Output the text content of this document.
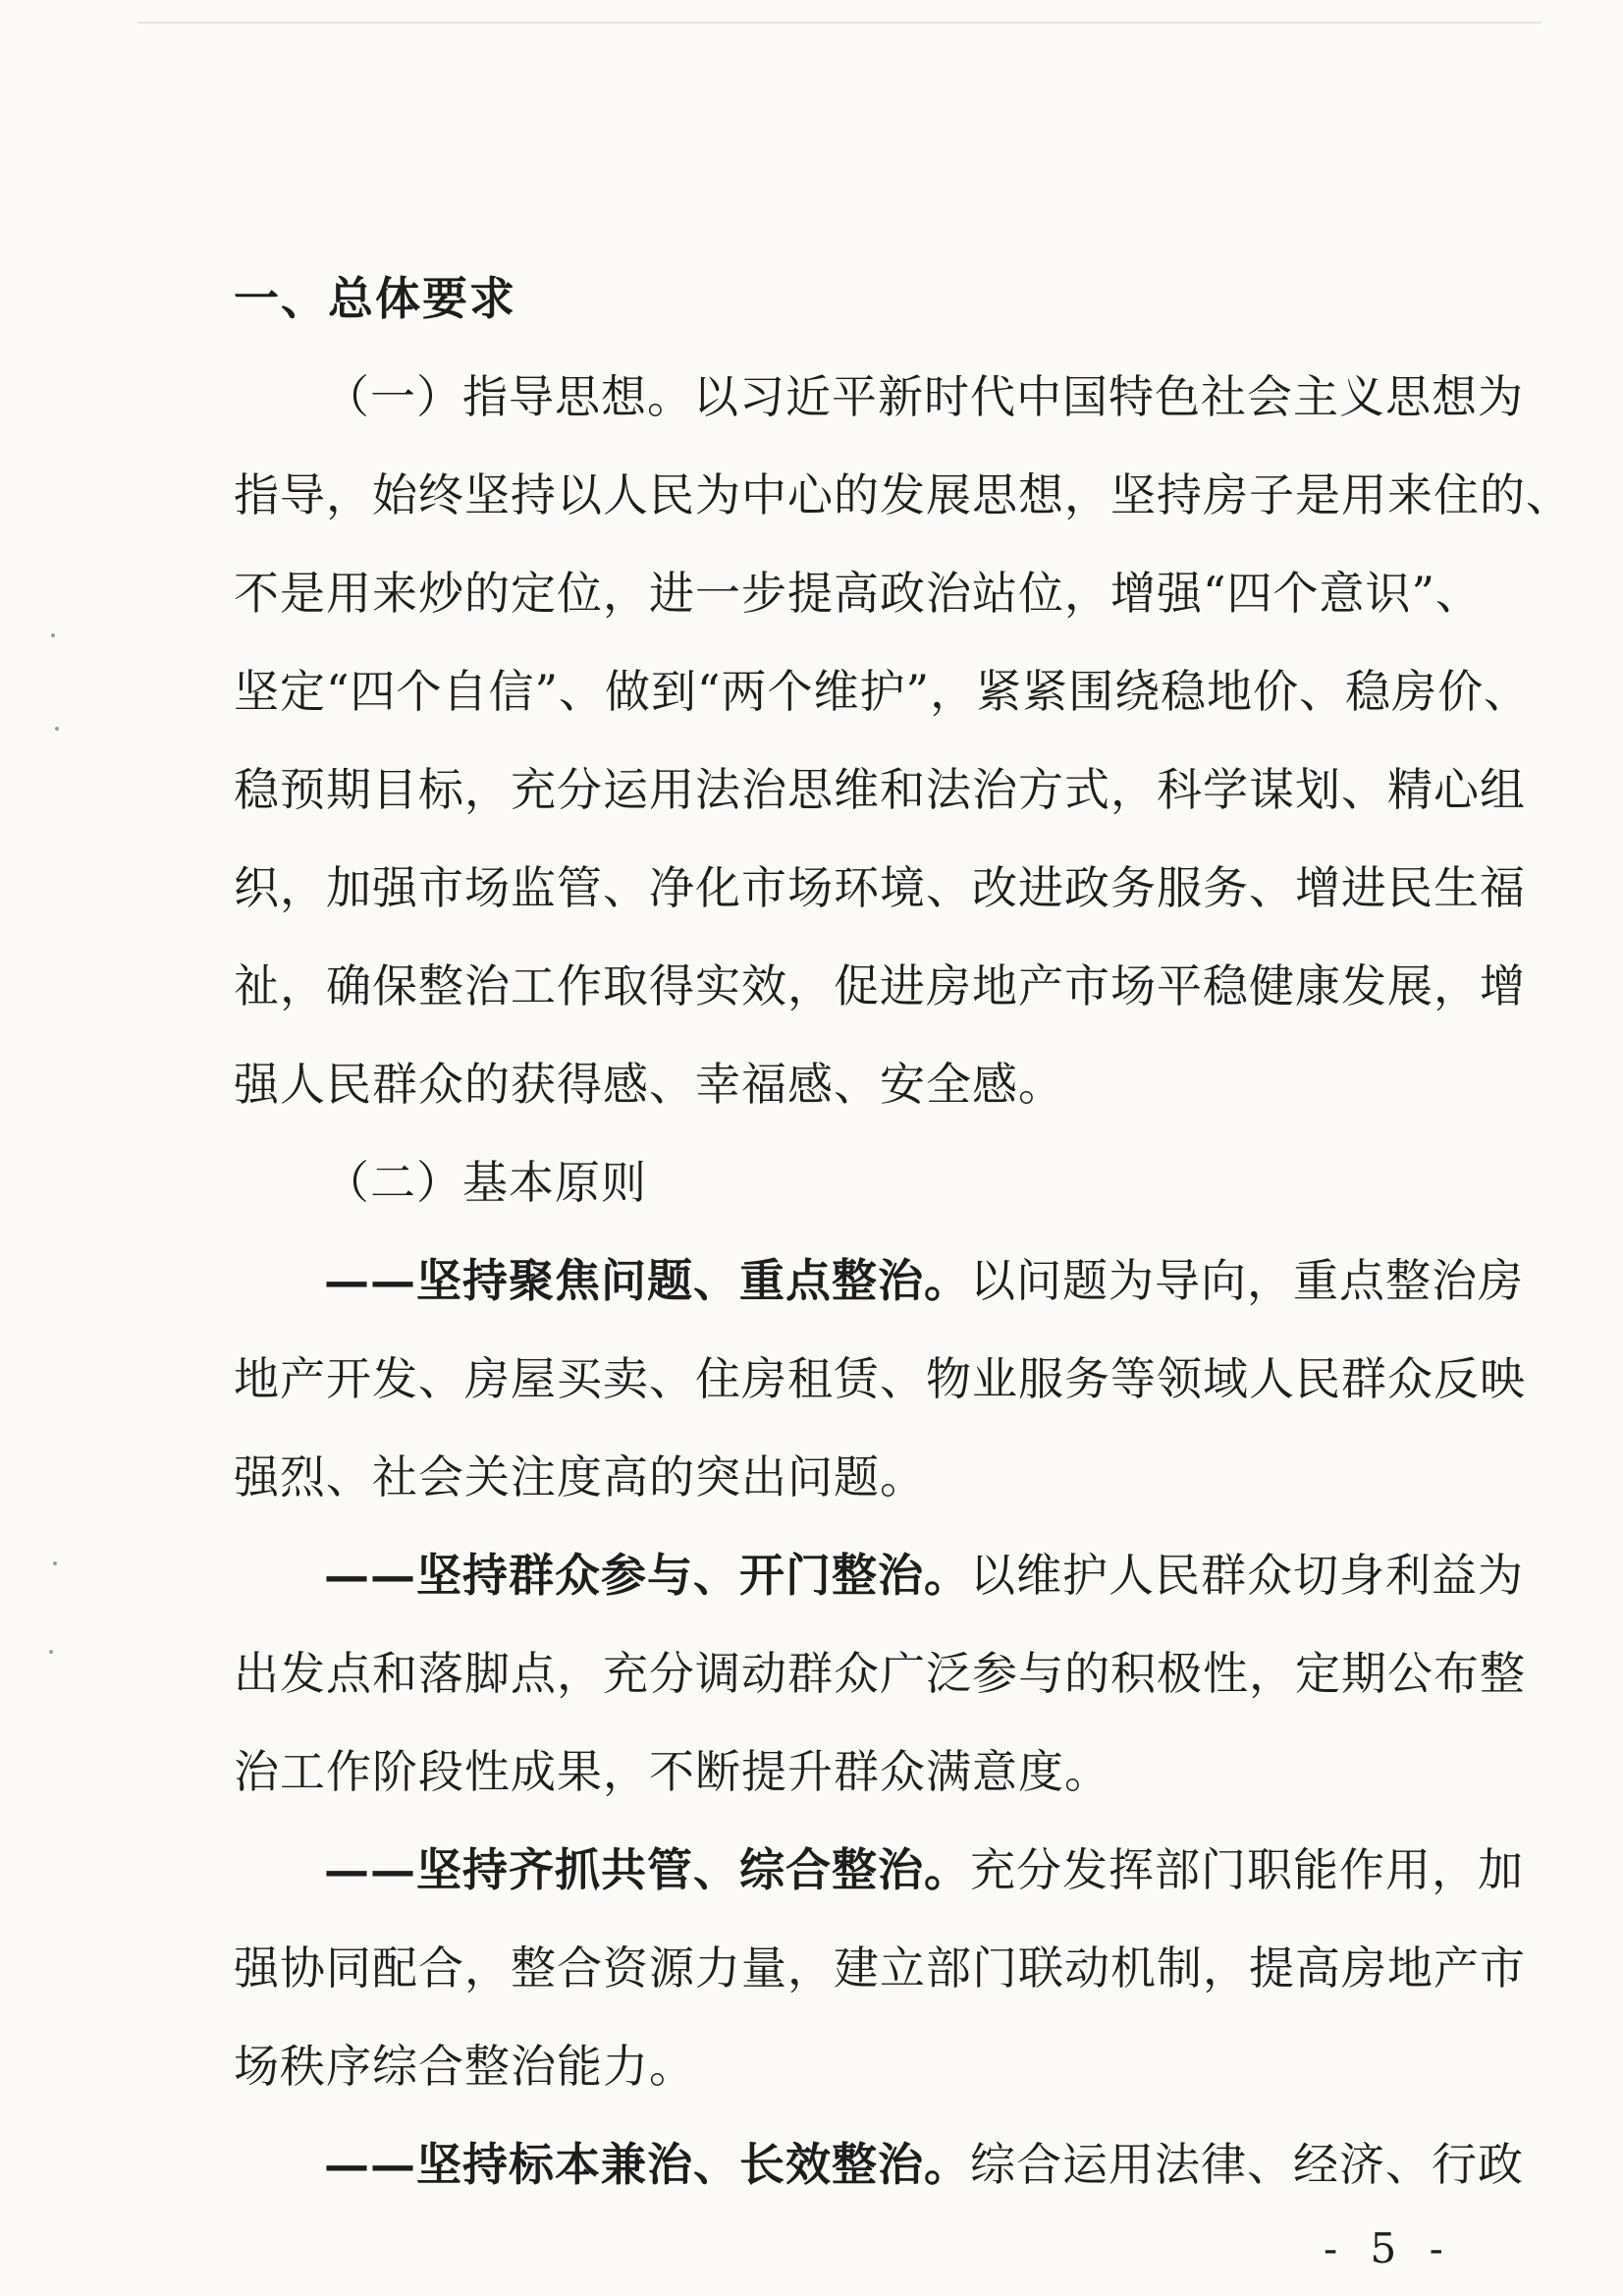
一、总体要求
（一）指导思想。以习近平新时代中国特色社会主义思想为
指导，始终坚持以人民为中心的发展思想，坚持房子是用来住的、
不是用来炒的定位，进一步提高政治站位，增强“四个意识”、
坚定“四个自信”、做到“两个维护”，紧紧围绕稳地价、稳房价、
稳预期目标，充分运用法治思维和法治方式，科学谋划、精心组
织，加强市场监管、净化市场环境、改进政务服务、增进民生福
祉，确保整治工作取得实效，促进房地产市场平稳健康发展，增
强人民群众的获得感、幸福感、安全感。
（二）基本原则
——坚持聚焦问题、重点整治。以问题为导向，重点整治房
地产开发、房屋买卖、住房租赁、物业服务等领域人民群众反映
强烈、社会关注度高的突出问题。
——坚持群众参与、开门整治。以维护人民群众切身利益为
出发点和落脚点，充分调动群众广泛参与的积极性，定期公布整
治工作阶段性成果，不断提升群众满意度。
——坚持齐抓共管、综合整治。充分发挥部门职能作用，加
强协同配合，整合资源力量，建立部门联动机制，提高房地产市
场秩序综合整治能力。
——坚持标本兼治、长效整治。综合运用法律、经济、行政
- 5 -
